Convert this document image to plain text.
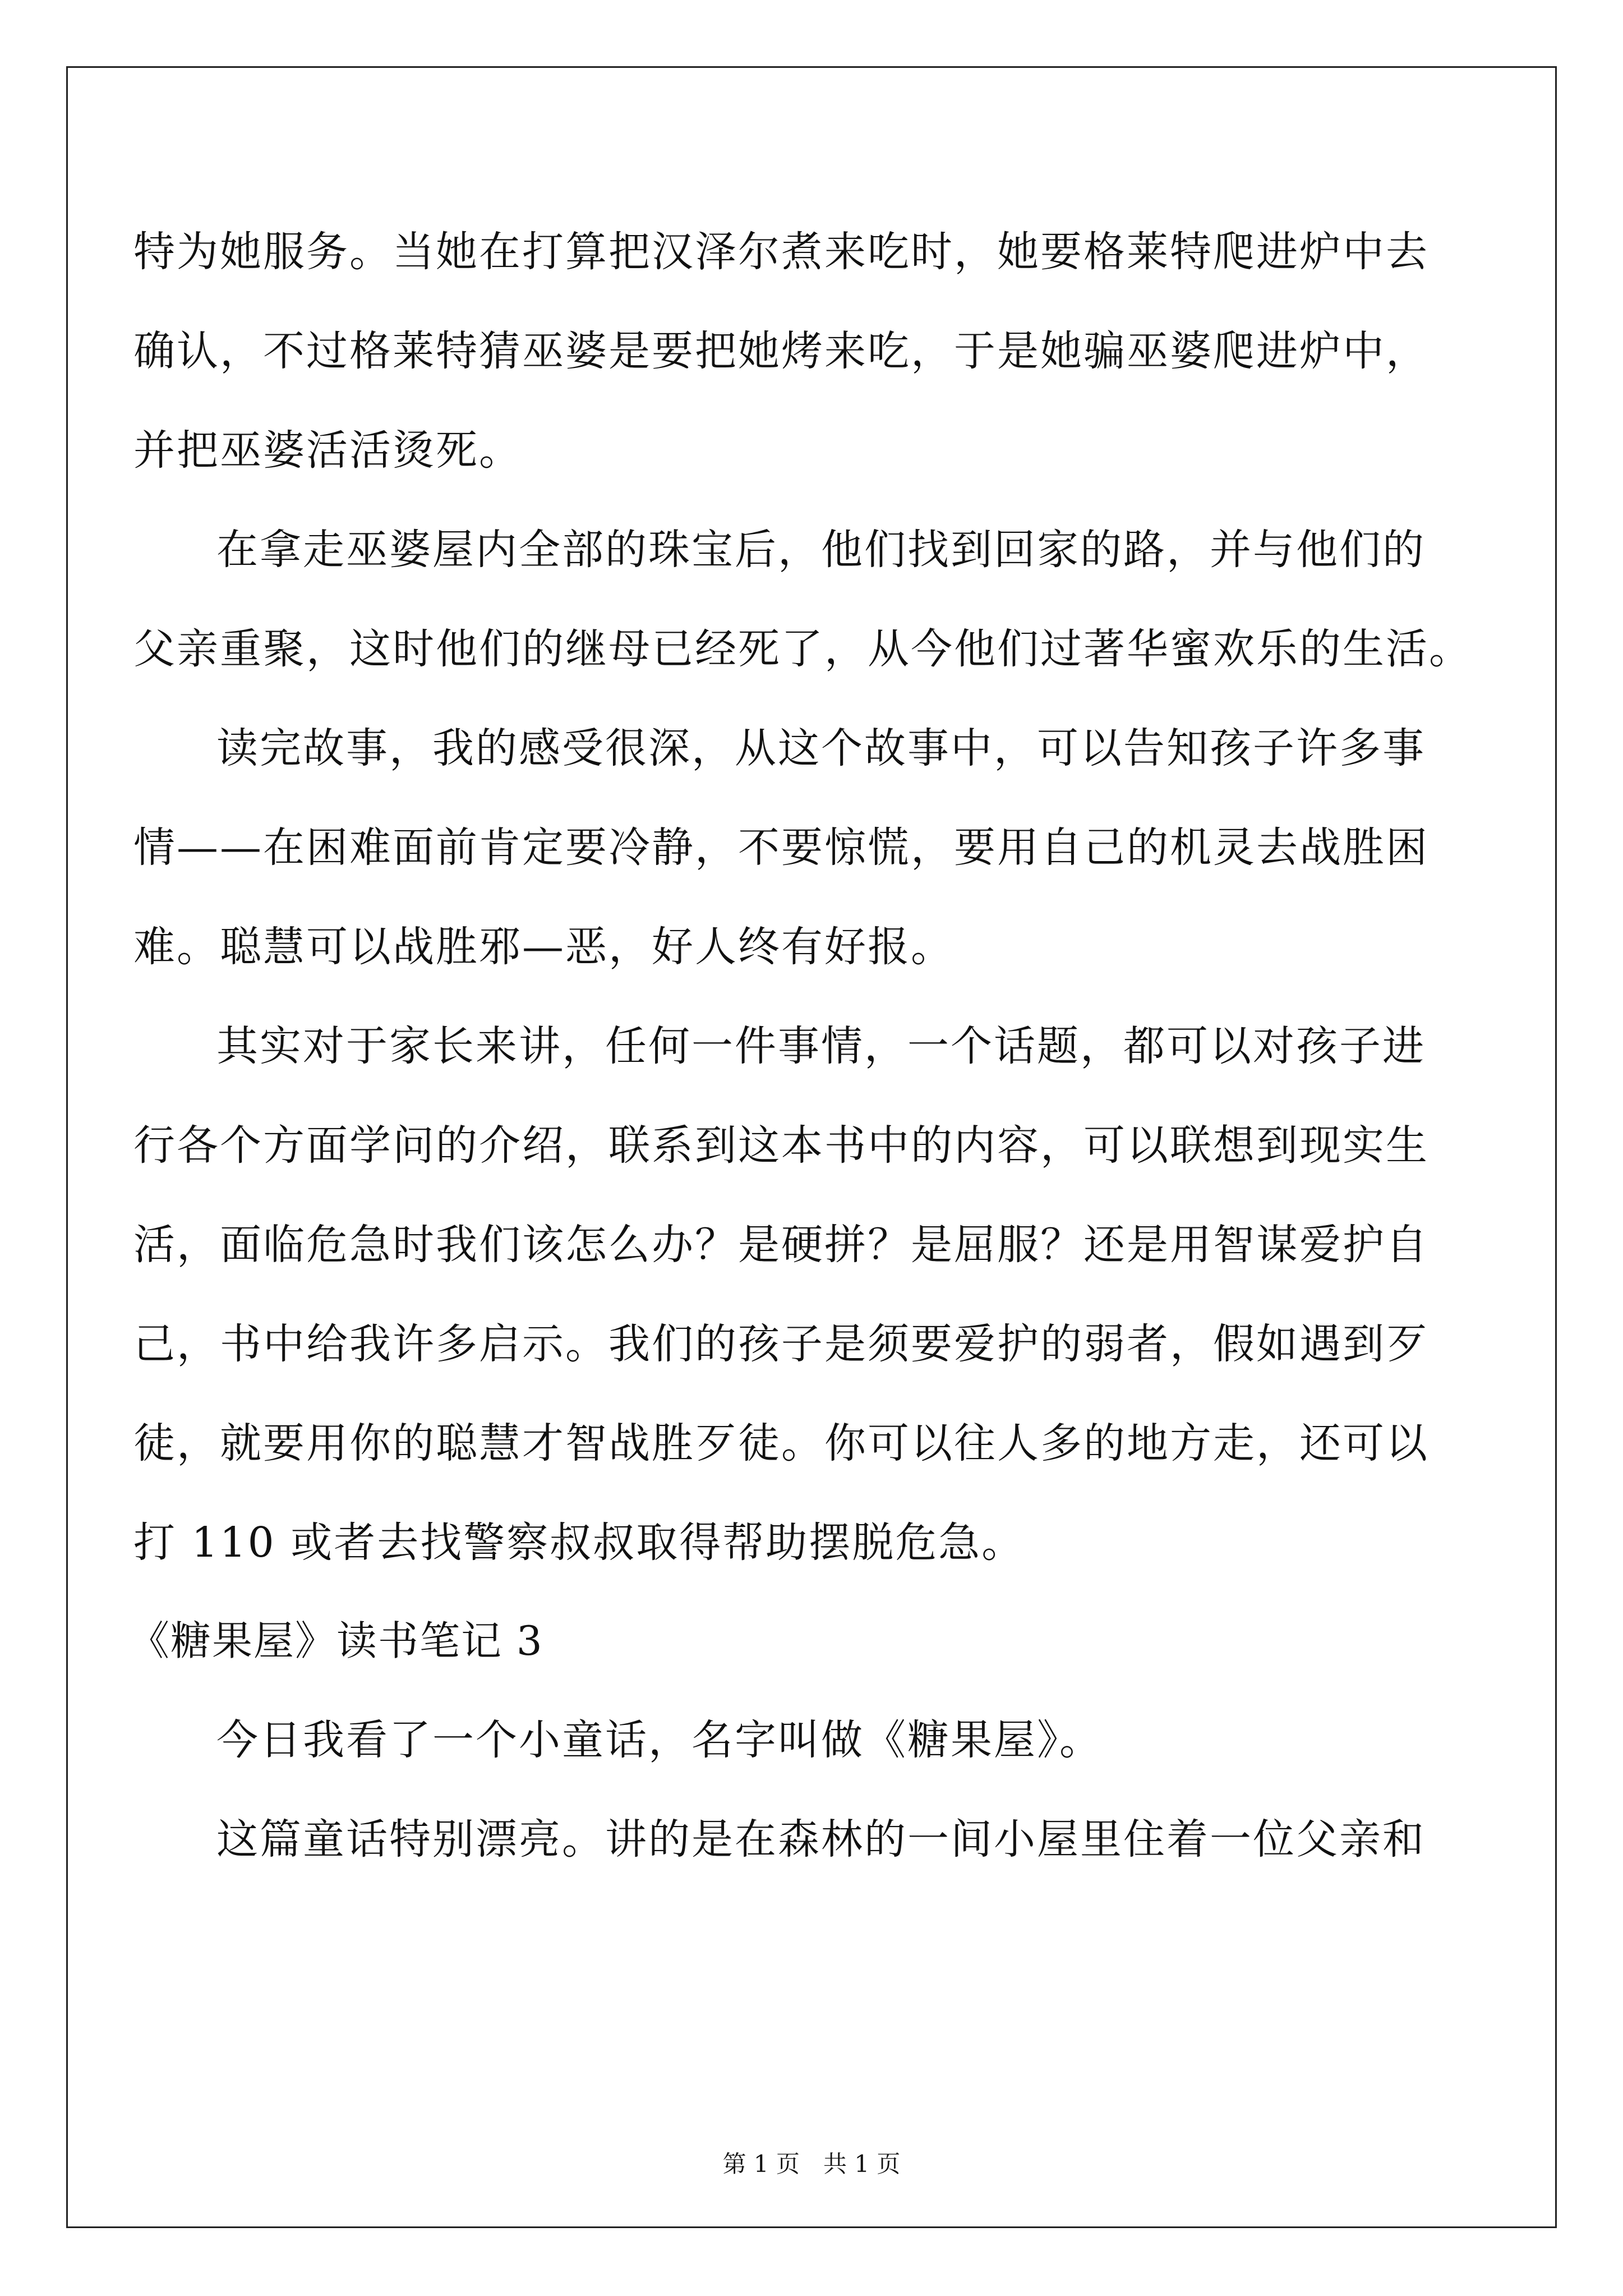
特为她服务。当她在打算把汉泽尔煮来吃时，她要格莱特爬进炉中去
确认，不过格莱特猜巫婆是要把她烤来吃，于是她骗巫婆爬进炉中，
并把巫婆活活烫死。
在拿走巫婆屋内全部的珠宝后，他们找到回家的路，并与他们的
父亲重聚，这时他们的继母已经死了，从今他们过著华蜜欢乐的生活。
读完故事，我的感受很深，从这个故事中，可以告知孩子许多事
情——在困难面前肯定要冷静，不要惊慌，要用自己的机灵去战胜困
难。聪慧可以战胜邪—恶，好人终有好报。
其实对于家长来讲，任何一件事情，一个话题，都可以对孩子进
行各个方面学问的介绍，联系到这本书中的内容，可以联想到现实生
活，面临危急时我们该怎么办？是硬拼？是屈服？还是用智谋爱护自
己，书中给我许多启示。我们的孩子是须要爱护的弱者，假如遇到歹
徒，就要用你的聪慧才智战胜歹徒。你可以往人多的地方走，还可以
打 110 或者去找警察叔叔取得帮助摆脱危急。
《糖果屋》读书笔记 3
今日我看了一个小童话，名字叫做《糖果屋》。
这篇童话特别漂亮。讲的是在森林的一间小屋里住着一位父亲和
第 1 页　共 1 页
